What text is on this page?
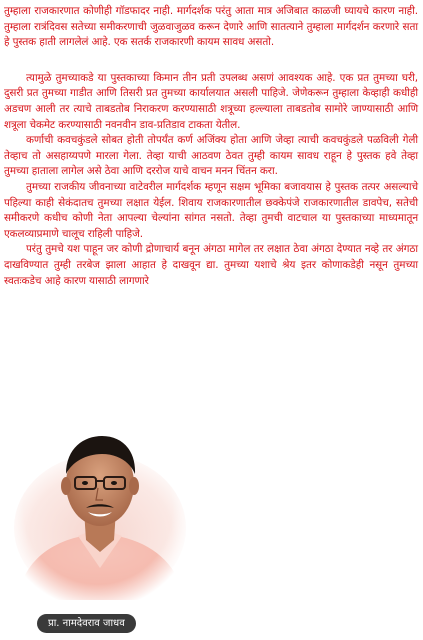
तुम्हाला राजकारणात कोणीही गॉडफादर नाही. मार्गदर्शक परंतु आता मात्र अजिबात काळजी घ्यायचे कारण नाही. तुम्हाला रात्रंदिवस सतेच्या समीकरणाची जुळवाजुळव करून देणारे आणि सातत्याने तुम्हाला मार्गदर्शन करणारे सता हे पुस्तक हाती लागलेलं आहे. एक सतर्क राजकारणी कायम सावध असतो.

त्यामुळे तुमच्याकडे या पुस्तकाच्या किमान तीन प्रती उपलब्ध असणं आवश्यक आहे. एक प्रत तुमच्या घरी, दुसरी प्रत तुमच्या गाडीत आणि तिसरी प्रत तुमच्या कार्यालयात असली पाहिजे. जेणेकरून तुम्हाला केव्हाही कधीही अडचण आली तर त्याचे ताबडतोब निराकरण करण्यासाठी शत्रूच्या हल्ल्याला ताबडतोब सामोरे जाण्यासाठी आणि शत्रूला चेकमेट करण्यासाठी नवनवीन डाव-प्रतिडाव टाकता येतील.

कर्णाची कवचकुंडले सोबत होती तोपर्यंत कर्ण अजिंक्य होता आणि जेव्हा त्याची कवचकुंडले पळविली गेली तेव्हाच तो असहाय्यपणे मारला गेला. तेव्हा याची आठवण ठेवत तुम्ही कायम सावध राहून हे पुस्तक हवे तेव्हा तुमच्या हाताला लागेल असे ठेवा आणि दररोज याचे वाचन मनन चिंतन करा.

तुमच्या राजकीय जीवनाच्या वाटेवरील मार्गदर्शक म्हणून सक्षम भूमिका बजावयास हे पुस्तक तत्पर असल्याचे पहिल्या काही सेकंदातच तुमच्या लक्षात येईल. शिवाय राजकारणातील छक्केपंजे राजकारणातील डावपेच, सतेची समीकरणे कधीच कोणी नेता आपल्या चेल्यांना सांगत नसतो. तेव्हा तुमची वाटचाल या पुस्तकाच्या माध्यमातून एकलव्याप्रमाणे चालूच राहिली पाहिजे.

परंतु तुमचे यश पाहून जर कोणी द्रोणाचार्य बनून अंगठा मागेल तर लक्षात ठेवा अंगठा देण्यात नव्हे तर अंगठा दाखविण्यात तुम्ही तरबेज झाला आहात हे दाखवून द्या. तुमच्या यशाचे श्रेय इतर कोणाकडेही नसून तुमच्या स्वतःकडेच आहे कारण यासाठी लागणारे

प्रा. नामदेवराव जाधव
